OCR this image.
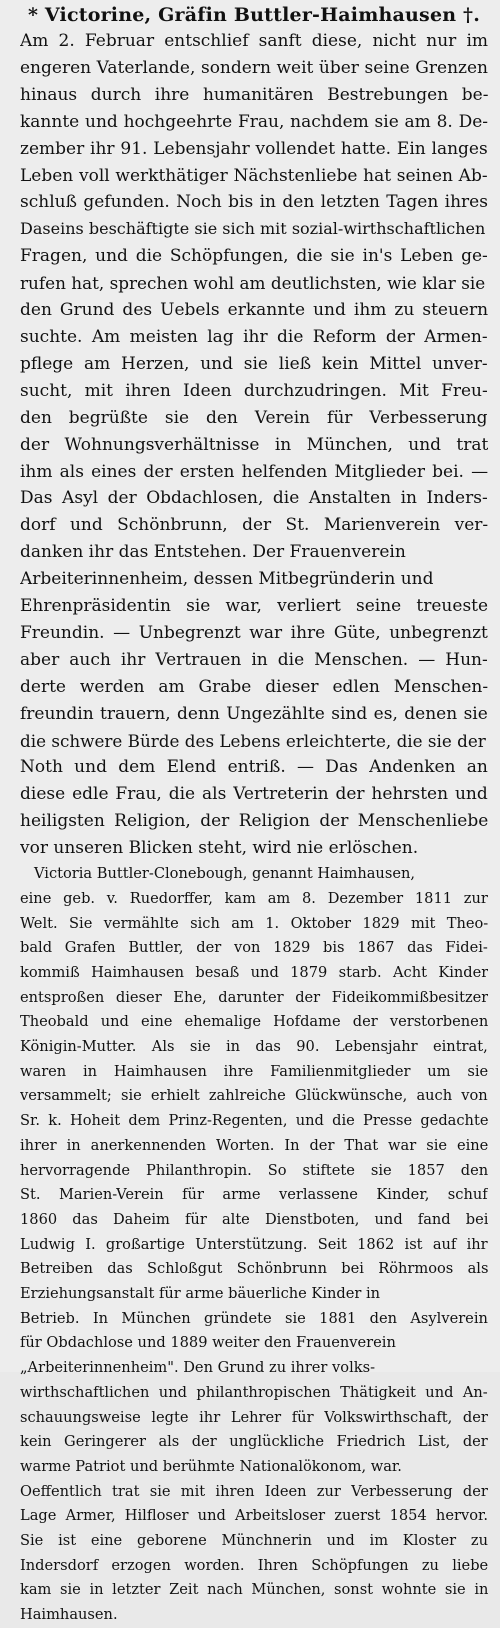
* Victorine, Gräfin Buttler-Haimhausen †.
Am 2. Februar entschlief sanft diese, nicht nur im
engeren Vaterlande, sondern weit über seine Grenzen
hinaus durch ihre humanitären Bestrebungen be-
kannte und hochgeehrte Frau, nachdem sie am 8. De-
zember ihr 91. Lebensjahr vollendet hatte. Ein langes
Leben voll werkthätiger Nächstenliebe hat seinen Ab-
schluß gefunden. Noch bis in den letzten Tagen ihres
Daseins beschäftigte sie sich mit sozial-wirthschaftlichen
Fragen, und die Schöpfungen, die sie in's Leben ge-
rufen hat, sprechen wohl am deutlichsten, wie klar sie
den Grund des Uebels erkannte und ihm zu steuern
suchte. Am meisten lag ihr die Reform der Armen-
pflege am Herzen, und sie ließ kein Mittel unver-
sucht, mit ihren Ideen durchzudringen. Mit Freu-
den begrüßte sie den Verein für Verbesserung
der Wohnungsverhältnisse in München, und trat
ihm als eines der ersten helfenden Mitglieder bei. —
Das Asyl der Obdachlosen, die Anstalten in Inders-
dorf und Schönbrunn, der St. Marienverein ver-
danken ihr das Entstehen. Der Frauenverein
Arbeiterinnenheim, dessen Mitbegründerin und
Ehrenpräsidentin sie war, verliert seine treueste
Freundin. — Unbegrenzt war ihre Güte, unbegrenzt
aber auch ihr Vertrauen in die Menschen. — Hun-
derte werden am Grabe dieser edlen Menschen-
freundin trauern, denn Ungezählte sind es, denen sie
die schwere Bürde des Lebens erleichterte, die sie der
Noth und dem Elend entriß. — Das Andenken an
diese edle Frau, die als Vertreterin der hehrsten und
heiligsten Religion, der Religion der Menschenliebe
vor unseren Blicken steht, wird nie erlöschen.
Victoria Buttler-Clonebough, genannt Haimhausen,
eine geb. v. Ruedorffer, kam am 8. Dezember 1811 zur
Welt. Sie vermählte sich am 1. Oktober 1829 mit Theo-
bald Grafen Buttler, der von 1829 bis 1867 das Fidei-
kommiß Haimhausen besaß und 1879 starb. Acht Kinder
entsproßen dieser Ehe, darunter der Fideikommißbesitzer
Theobald und eine ehemalige Hofdame der verstorbenen
Königin-Mutter. Als sie in das 90. Lebensjahr eintrat,
waren in Haimhausen ihre Familienmitglieder um sie
versammelt; sie erhielt zahlreiche Glückwünsche, auch von
Sr. k. Hoheit dem Prinz-Regenten, und die Presse gedachte
ihrer in anerkennenden Worten. In der That war sie eine
hervorragende Philanthropin. So stiftete sie 1857 den
St. Marien-Verein für arme verlassene Kinder, schuf
1860 das Daheim für alte Dienstboten, und fand bei
Ludwig I. großartige Unterstützung. Seit 1862 ist auf ihr
Betreiben das Schloßgut Schönbrunn bei Röhrmoos als
Erziehungsanstalt für arme bäuerliche Kinder in
Betrieb. In München gründete sie 1881 den Asylverein
für Obdachlose und 1889 weiter den Frauenverein
„Arbeiterinnenheim". Den Grund zu ihrer volks-
wirthschaftlichen und philanthropischen Thätigkeit und An-
schauungsweise legte ihr Lehrer für Volkswirthschaft, der
kein Geringerer als der unglückliche Friedrich List, der
warme Patriot und berühmte Nationalökonom, war.
Oeffentlich trat sie mit ihren Ideen zur Verbesserung der
Lage Armer, Hilfloser und Arbeitsloser zuerst 1854 hervor.
Sie ist eine geborene Münchnerin und im Kloster zu
Indersdorf erzogen worden. Ihren Schöpfungen zu liebe
kam sie in letzter Zeit nach München, sonst wohnte sie in
Haimhausen.
